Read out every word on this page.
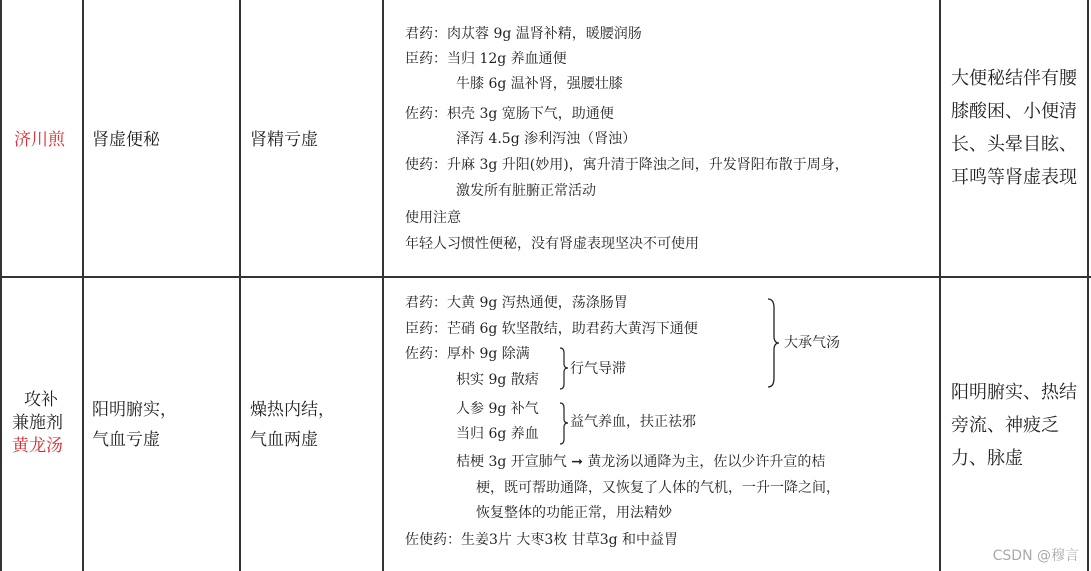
济川煎 肾虚便秘	肾精亏虚
君药：肉苁蓉 9g 温肾补精，暖腰润肠
臣药：当归 12g 养血通便
牛膝 6g 温补肾，强腰壮膝
佐药：枳壳 3g 宽肠下气，助通便
泽泻 4.5g 渗利泻浊（肾浊）
使药：升麻 3g 升阳(妙用)，寓升清于降浊之间，升发肾阳布散于周身，
激发所有脏腑正常活动
使用注意
年轻人习惯性便秘，没有肾虚表现坚决不可使用
大便秘结伴有腰膝酸困、小便清长、头晕目眩、耳鸣等肾虚表现
攻补
兼施剂
黄龙汤
阳明腑实，
气血亏虚
燥热内结，
气血两虚
君药：大黄 9g 泻热通便，荡涤肠胃
臣药：芒硝 6g 软坚散结，助君药大黄泻下通便
大承气汤
佐药：厚朴 9g 除满
枳实 9g 散痞
行气导滞
人参 9g 补气
当归 6g 养血
益气养血，扶正祛邪
桔梗 3g 开宣肺气 ➞ 黄龙汤以通降为主，佐以少许升宣的桔
梗，既可帮助通降，又恢复了人体的气机，一升一降之间，
恢复整体的功能正常，用法精妙
佐使药：生姜3片 大枣3枚 甘草3g 和中益胃
阳明腑实、热结旁流、神疲乏力、脉虚
CSDN @穆言
